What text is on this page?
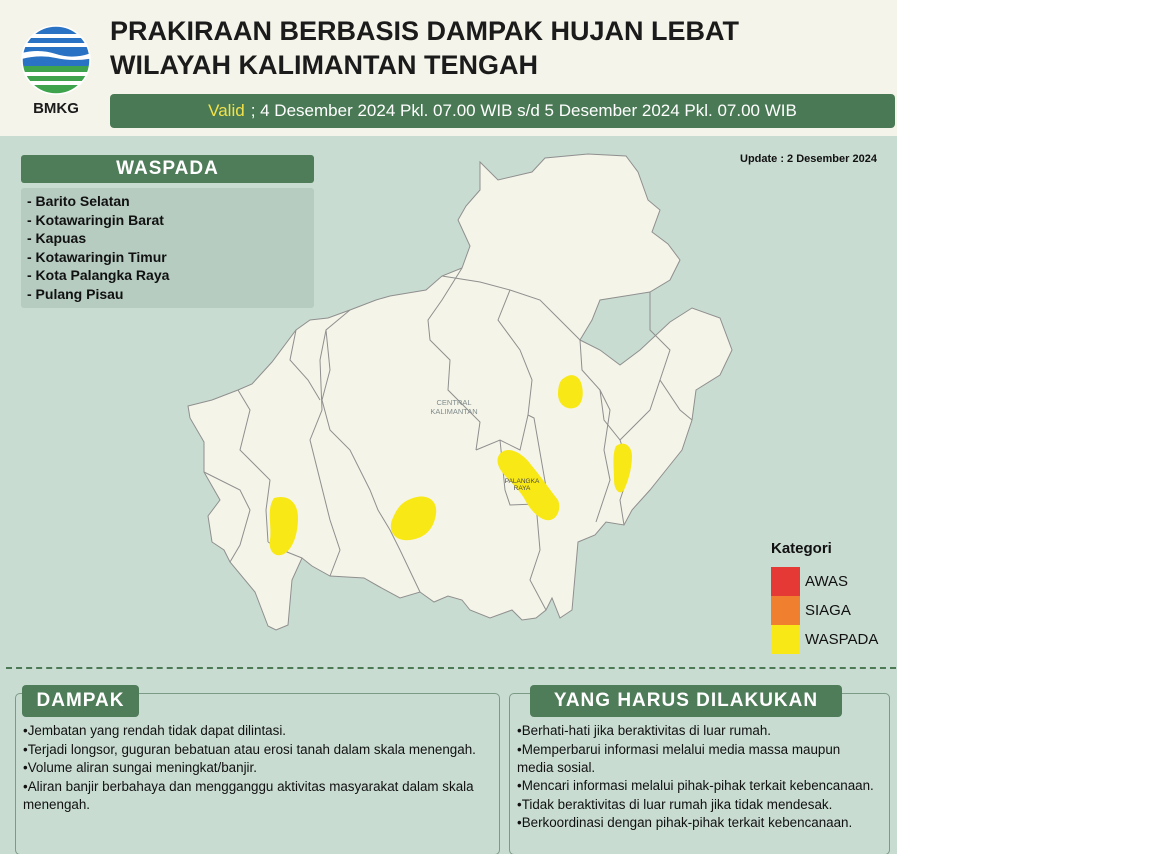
BMKG
PRAKIRAAN BERBASIS DAMPAK HUJAN LEBAT
WILAYAH KALIMANTAN TENGAH
Valid ; 4 Desember 2024 Pkl. 07.00 WIB s/d 5 Desember 2024 Pkl. 07.00 WIB
Update : 2 Desember 2024
CENTRAL
KALIMANTAN
PALANGKA
RAYA
WASPADA
- Barito Selatan
- Kotawaringin Barat
- Kapuas
- Kotawaringin Timur
- Kota Palangka Raya
- Pulang Pisau
Kategori
AWAS
SIAGA
WASPADA
DAMPAK
• Jembatan yang rendah tidak dapat dilintasi.
• Terjadi longsor, guguran bebatuan atau erosi tanah dalam skala menengah.
• Volume aliran sungai meningkat/banjir.
• Aliran banjir berbahaya dan mengganggu aktivitas masyarakat dalam skala menengah.
YANG HARUS DILAKUKAN
• Berhati-hati jika beraktivitas di luar rumah.
• Memperbarui informasi melalui media massa maupun media sosial.
• Mencari informasi melalui pihak-pihak terkait kebencanaan.
• Tidak beraktivitas di luar rumah jika tidak mendesak.
• Berkoordinasi dengan pihak-pihak terkait kebencanaan.
